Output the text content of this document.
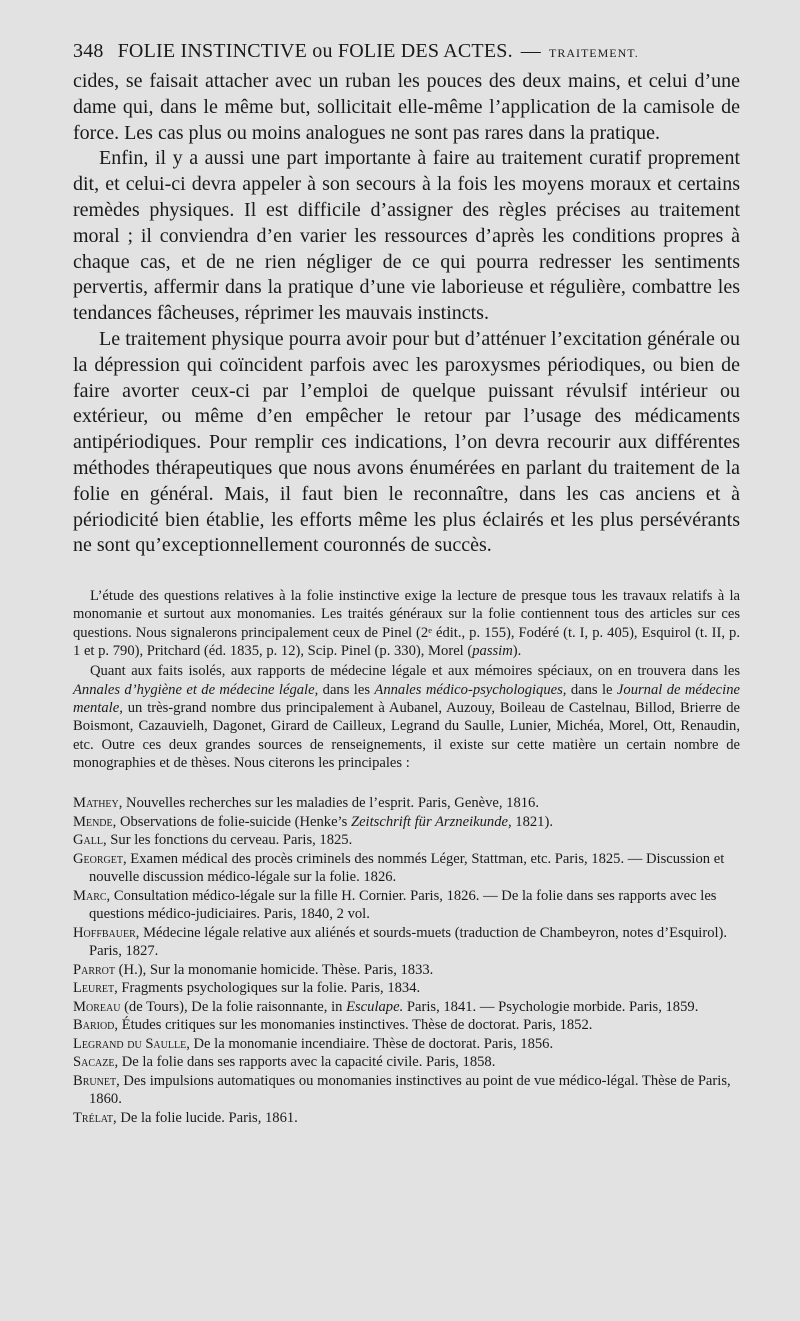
348 FOLIE INSTINCTIVE ou FOLIE DES ACTES. — TRAITEMENT.

cides, se faisait attacher avec un ruban les pouces des deux mains, et celui d’une dame qui, dans le même but, sollicitait elle-même l’application de la camisole de force. Les cas plus ou moins analogues ne sont pas rares dans la pratique.

Enfin, il y a aussi une part importante à faire au traitement curatif proprement dit, et celui-ci devra appeler à son secours à la fois les moyens moraux et certains remèdes physiques. Il est difficile d’assigner des règles précises au traitement moral ; il conviendra d’en varier les ressources d’après les conditions propres à chaque cas, et de ne rien négliger de ce qui pourra redresser les sentiments pervertis, affermir dans la pratique d’une vie laborieuse et régulière, combattre les tendances fâcheuses, réprimer les mauvais instincts.

Le traitement physique pourra avoir pour but d’atténuer l’excitation générale ou la dépression qui coïncident parfois avec les paroxysmes périodiques, ou bien de faire avorter ceux-ci par l’emploi de quelque puissant révulsif intérieur ou extérieur, ou même d’en empêcher le retour par l’usage des médicaments antipériodiques. Pour remplir ces indications, l’on devra recourir aux différentes méthodes thérapeutiques que nous avons énumérées en parlant du traitement de la folie en général. Mais, il faut bien le reconnaître, dans les cas anciens et à périodicité bien établie, les efforts même les plus éclairés et les plus persévérants ne sont qu’exceptionnellement couronnés de succès.

L’étude des questions relatives à la folie instinctive exige la lecture de presque tous les travaux relatifs à la monomanie et surtout aux monomanies. Les traités généraux sur la folie contiennent tous des articles sur ces questions. Nous signalerons principalement ceux de Pinel (2ᵉ édit., p. 155), Fodéré (t. I, p. 405), Esquirol (t. II, p. 1 et p. 790), Pritchard (éd. 1835, p. 12), Scip. Pinel (p. 330), Morel (passim).

Quant aux faits isolés, aux rapports de médecine légale et aux mémoires spéciaux, on en trouvera dans les Annales d’hygiène et de médecine légale, dans les Annales médico-psychologiques, dans le Journal de médecine mentale, un très-grand nombre dus principalement à Aubanel, Auzouy, Boileau de Castelnau, Billod, Brierre de Boismont, Cazauvielh, Dagonet, Girard de Cailleux, Legrand du Saulle, Lunier, Michéa, Morel, Ott, Renaudin, etc. Outre ces deux grandes sources de renseignements, il existe sur cette matière un certain nombre de monographies et de thèses. Nous citerons les principales :

Mathey, Nouvelles recherches sur les maladies de l’esprit. Paris, Genève, 1816.
Mende, Observations de folie-suicide (Henke’s Zeitschrift für Arzneikunde, 1821).
Gall, Sur les fonctions du cerveau. Paris, 1825.
Georget, Examen médical des procès criminels des nommés Léger, Stattman, etc. Paris, 1825. — Discussion et nouvelle discussion médico-légale sur la folie. 1826.
Marc, Consultation médico-légale sur la fille H. Cornier. Paris, 1826. — De la folie dans ses rapports avec les questions médico-judiciaires. Paris, 1840, 2 vol.
Hoffbauer, Médecine légale relative aux aliénés et sourds-muets (traduction de Chambeyron, notes d’Esquirol). Paris, 1827.
Parrot (H.), Sur la monomanie homicide. Thèse. Paris, 1833.
Leuret, Fragments psychologiques sur la folie. Paris, 1834.
Moreau (de Tours), De la folie raisonnante, in Esculape. Paris, 1841. — Psychologie morbide. Paris, 1859.
Bariod, Études critiques sur les monomanies instinctives. Thèse de doctorat. Paris, 1852.
Legrand du Saulle, De la monomanie incendiaire. Thèse de doctorat. Paris, 1856.
Sacaze, De la folie dans ses rapports avec la capacité civile. Paris, 1858.
Brunet, Des impulsions automatiques ou monomanies instinctives au point de vue médico-légal. Thèse de Paris, 1860.
Trélat, De la folie lucide. Paris, 1861.
